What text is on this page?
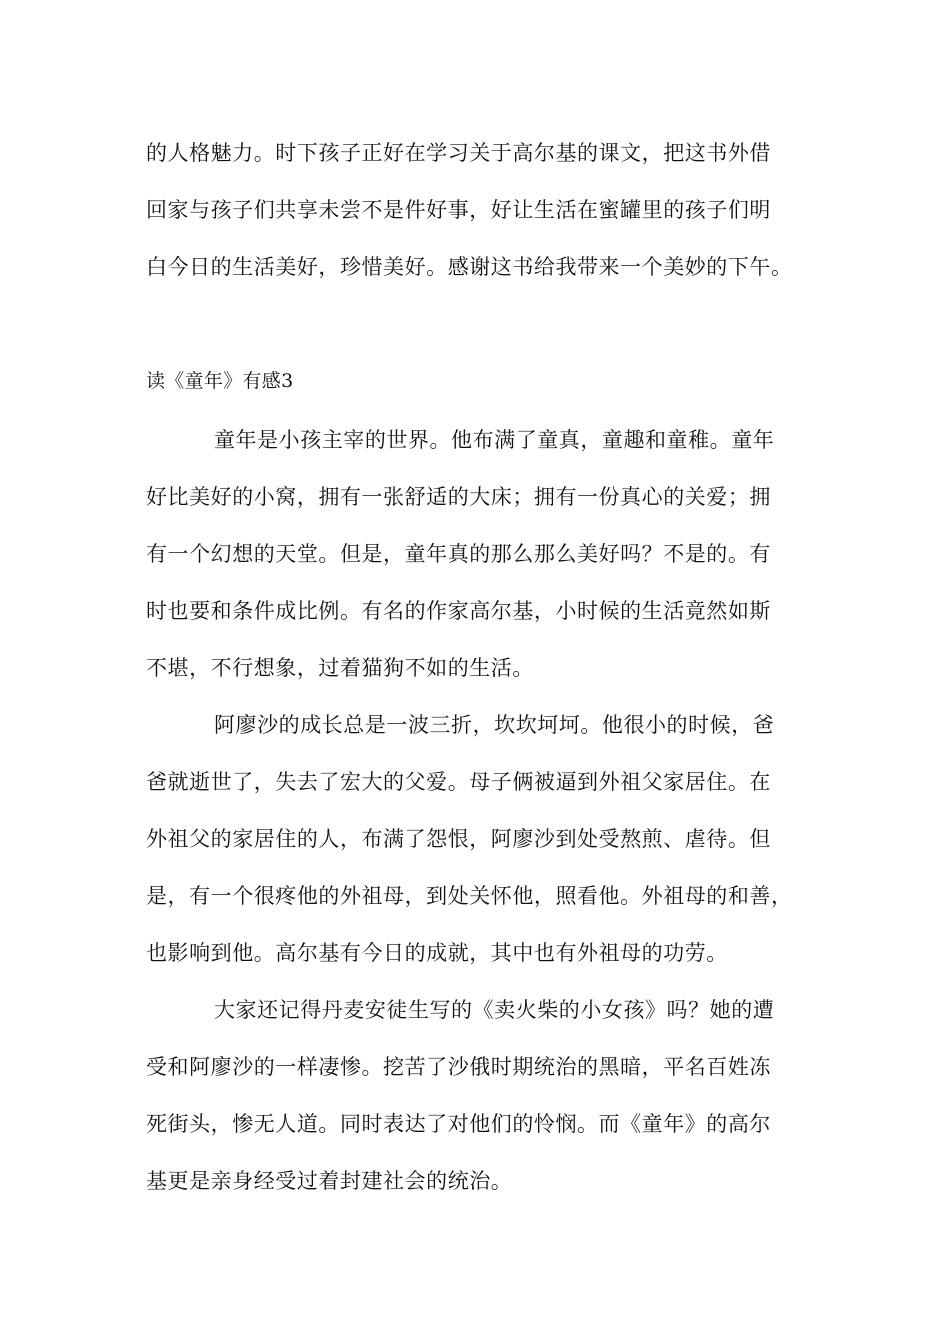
的人格魅力。时下孩子正好在学习关于高尔基的课文，把这书外借
回家与孩子们共享未尝不是件好事，好让生活在蜜罐里的孩子们明
白今日的生活美好，珍惜美好。感谢这书给我带来一个美妙的下午。
读《童年》有感3
童年是小孩主宰的世界。他布满了童真，童趣和童稚。童年
好比美好的小窝，拥有一张舒适的大床；拥有一份真心的关爱；拥
有一个幻想的天堂。但是，童年真的那么那么美好吗？不是的。有
时也要和条件成比例。有名的作家高尔基，小时候的生活竟然如斯
不堪，不行想象，过着猫狗不如的生活。
阿廖沙的成长总是一波三折，坎坎坷坷。他很小的时候，爸
爸就逝世了，失去了宏大的父爱。母子俩被逼到外祖父家居住。在
外祖父的家居住的人，布满了怨恨，阿廖沙到处受熬煎、虐待。但
是，有一个很疼他的外祖母，到处关怀他，照看他。外祖母的和善，
也影响到他。高尔基有今日的成就，其中也有外祖母的功劳。
大家还记得丹麦安徒生写的《卖火柴的小女孩》吗？她的遭
受和阿廖沙的一样凄惨。挖苦了沙俄时期统治的黑暗，平名百姓冻
死街头，惨无人道。同时表达了对他们的怜悯。而《童年》的高尔
基更是亲身经受过着封建社会的统治。
